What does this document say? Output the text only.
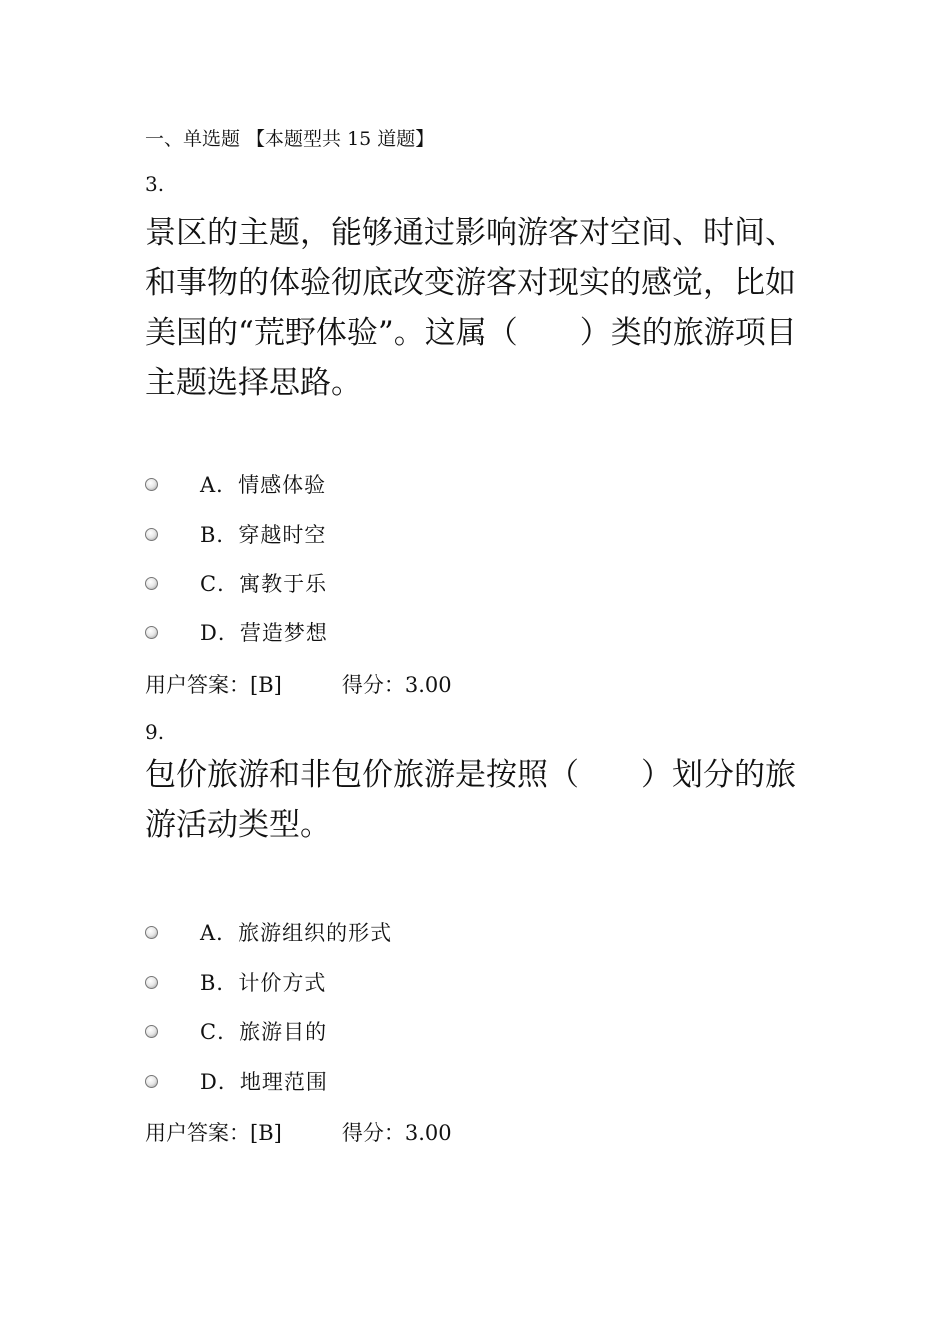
一、单选题 【本题型共 15 道题】
3.
景区的主题，能够通过影响游客对空间、时间、和事物的体验彻底改变游客对现实的感觉，比如美国的“荒野体验”。这属（　　）类的旅游项目主题选择思路。
A．情感体验
B．穿越时空
C．寓教于乐
D．营造梦想
用户答案：[B]	得分：3.00
9.
包价旅游和非包价旅游是按照（　　）划分的旅游活动类型。
A．旅游组织的形式
B．计价方式
C．旅游目的
D．地理范围
用户答案：[B]	得分：3.00
